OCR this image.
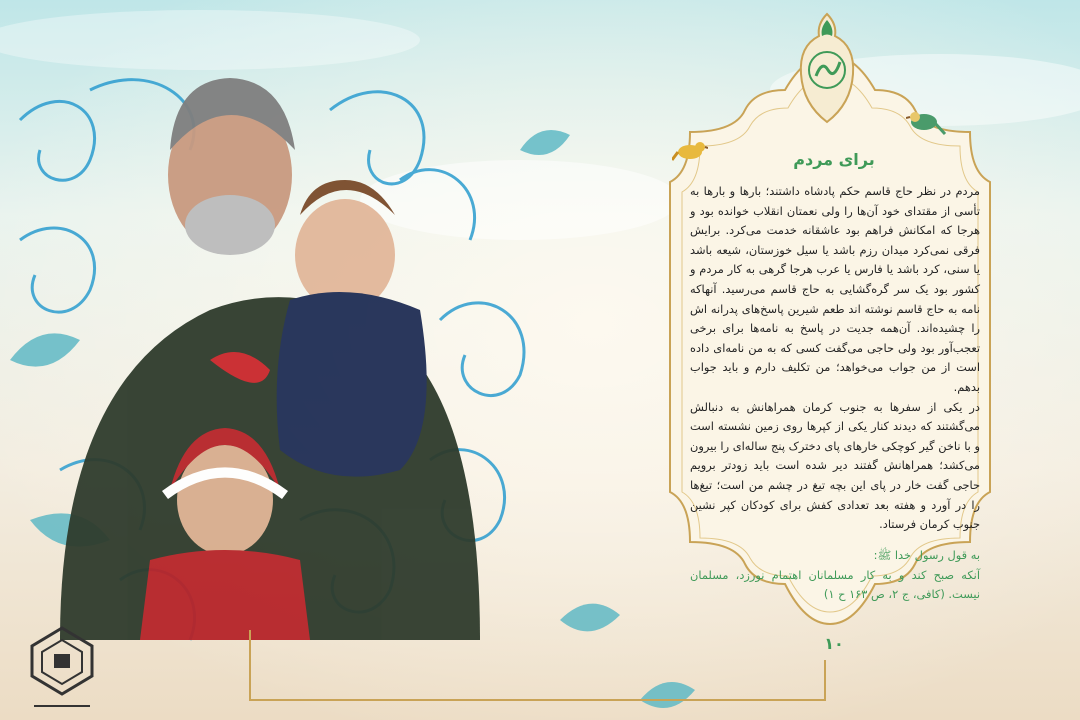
برای مردم

مردم در نظر حاج قاسم حکم پادشاه داشتند؛ بارها و بارها به تأسی از مقتدای خود آن‌ها را ولی نعمتان انقلاب خوانده بود و هرجا که امکانش فراهم بود عاشقانه خدمت می‌کرد. برایش فرقی نمی‌کرد میدان رزم باشد یا سیل خوزستان، شیعه باشد یا سنی، کرد باشد یا فارس یا عرب هرجا گرهی به کار مردم و کشور بود یک سر گره‌گشایی به حاج قاسم می‌رسید. آنهاکه نامه به حاج قاسم نوشته اند طعم شیرین پاسخ‌های پدرانه اش را چشیده‌اند. آن‌همه جدیت در پاسخ به نامه‌ها برای برخی تعجب‌آور بود ولی حاجی می‌گفت کسی که به من نامه‌ای داده است از من جواب می‌خواهد؛ من تکلیف دارم و باید جواب بدهم.

در یکی از سفرها به جنوب کرمان همراهانش به دنبالش می‌گشتند که دیدند کنار یکی از کپرها روی زمین نشسته است و با ناخن گیر کوچکی خارهای پای دخترک پنج ساله‌ای را بیرون می‌کشد؛ همراهانش گفتند دیر شده است باید زودتر برویم حاجی گفت خار در پای این بچه تیغ در چشم من است؛ تیغ‌ها را در آورد و هفته بعد تعدادی کفش برای کودکان کپر نشین جنوب کرمان فرستاد.

به قول رسول خدا ﷺ:

آنکه صبح کند و به کار مسلمانان اهتمام نورزد، مسلمان نیست. (کافی، ج ۲، ص ۱۶۳ ح ۱)

۱۰
